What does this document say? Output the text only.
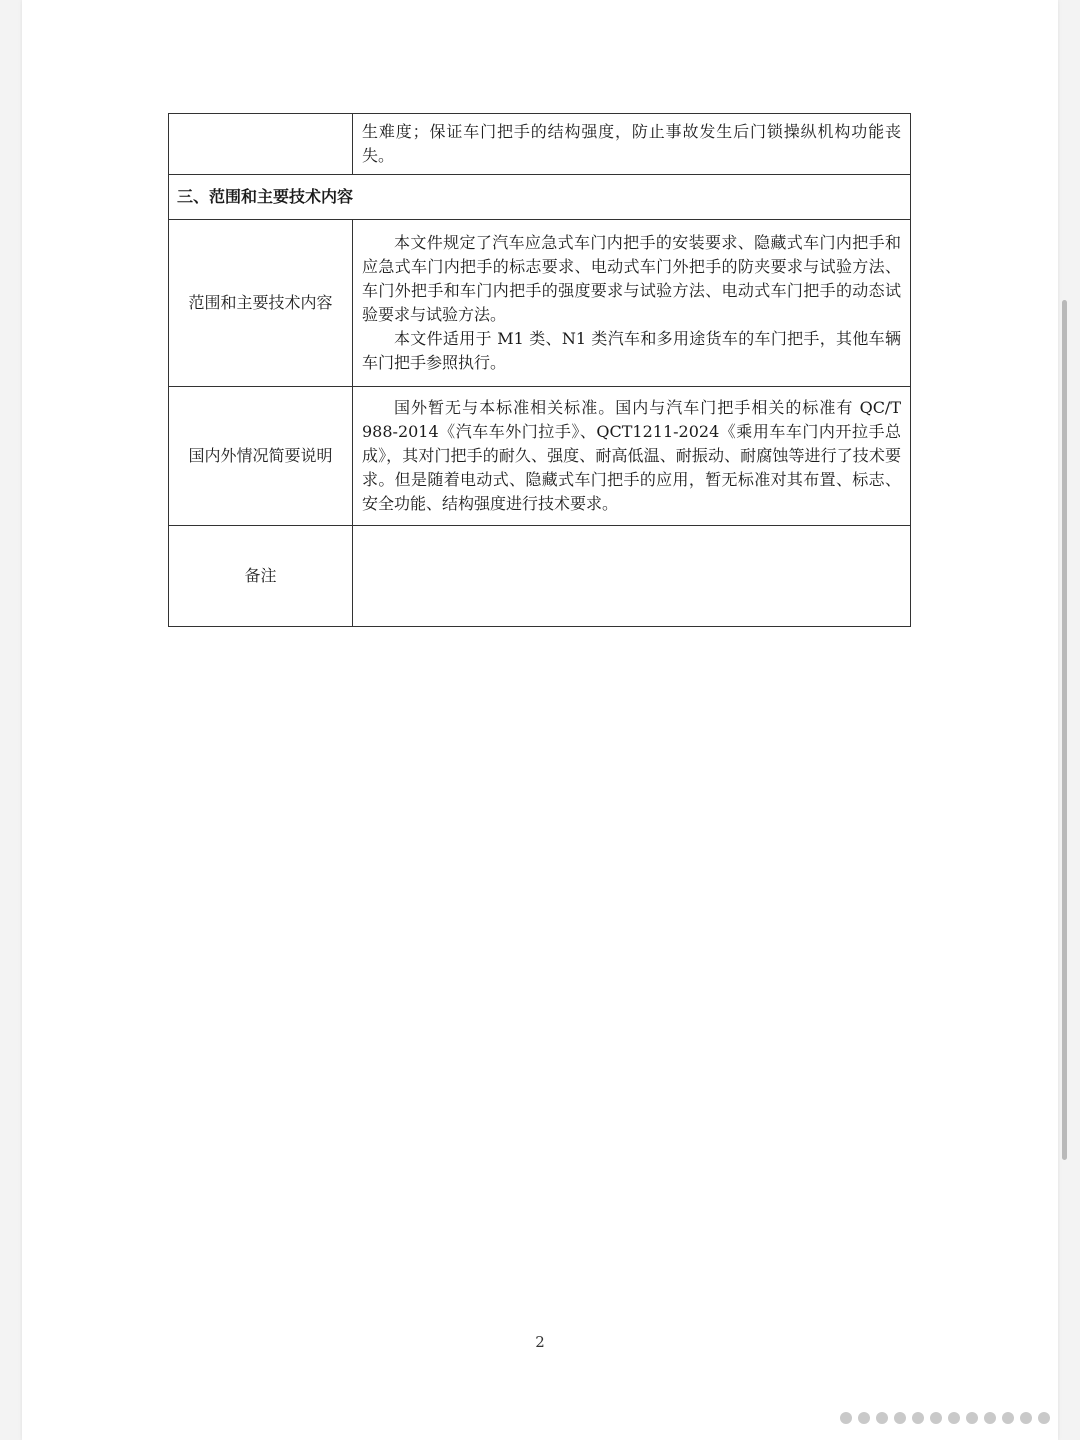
	生难度；保证车门把手的结构强度，防止事故发生后门锁操纵机构功能丧失。

三、范围和主要技术内容	
范围和主要技术内容	本文件规定了汽车应急式车门内把手的安装要求、隐藏式车门内把手和应急式车门内把手的标志要求、电动式车门外把手的防夹要求与试验方法、车门外把手和车门内把手的强度要求与试验方法、电动式车门把手的动态试验要求与试验方法。

本文件适用于 M1 类、N1 类汽车和多用途货车的车门把手，其他车辆车门把手参照执行。

国内外情况简要说明	国外暂无与本标准相关标准。国内与汽车门把手相关的标准有 QC/T 988-2014《汽车车外门拉手》、QCT1211-2024《乘用车车门内开拉手总成》，其对门把手的耐久、强度、耐高低温、耐振动、耐腐蚀等进行了技术要求。但是随着电动式、隐藏式车门把手的应用，暂无标准对其布置、标志、安全功能、结构强度进行技术要求。

备注	
2
